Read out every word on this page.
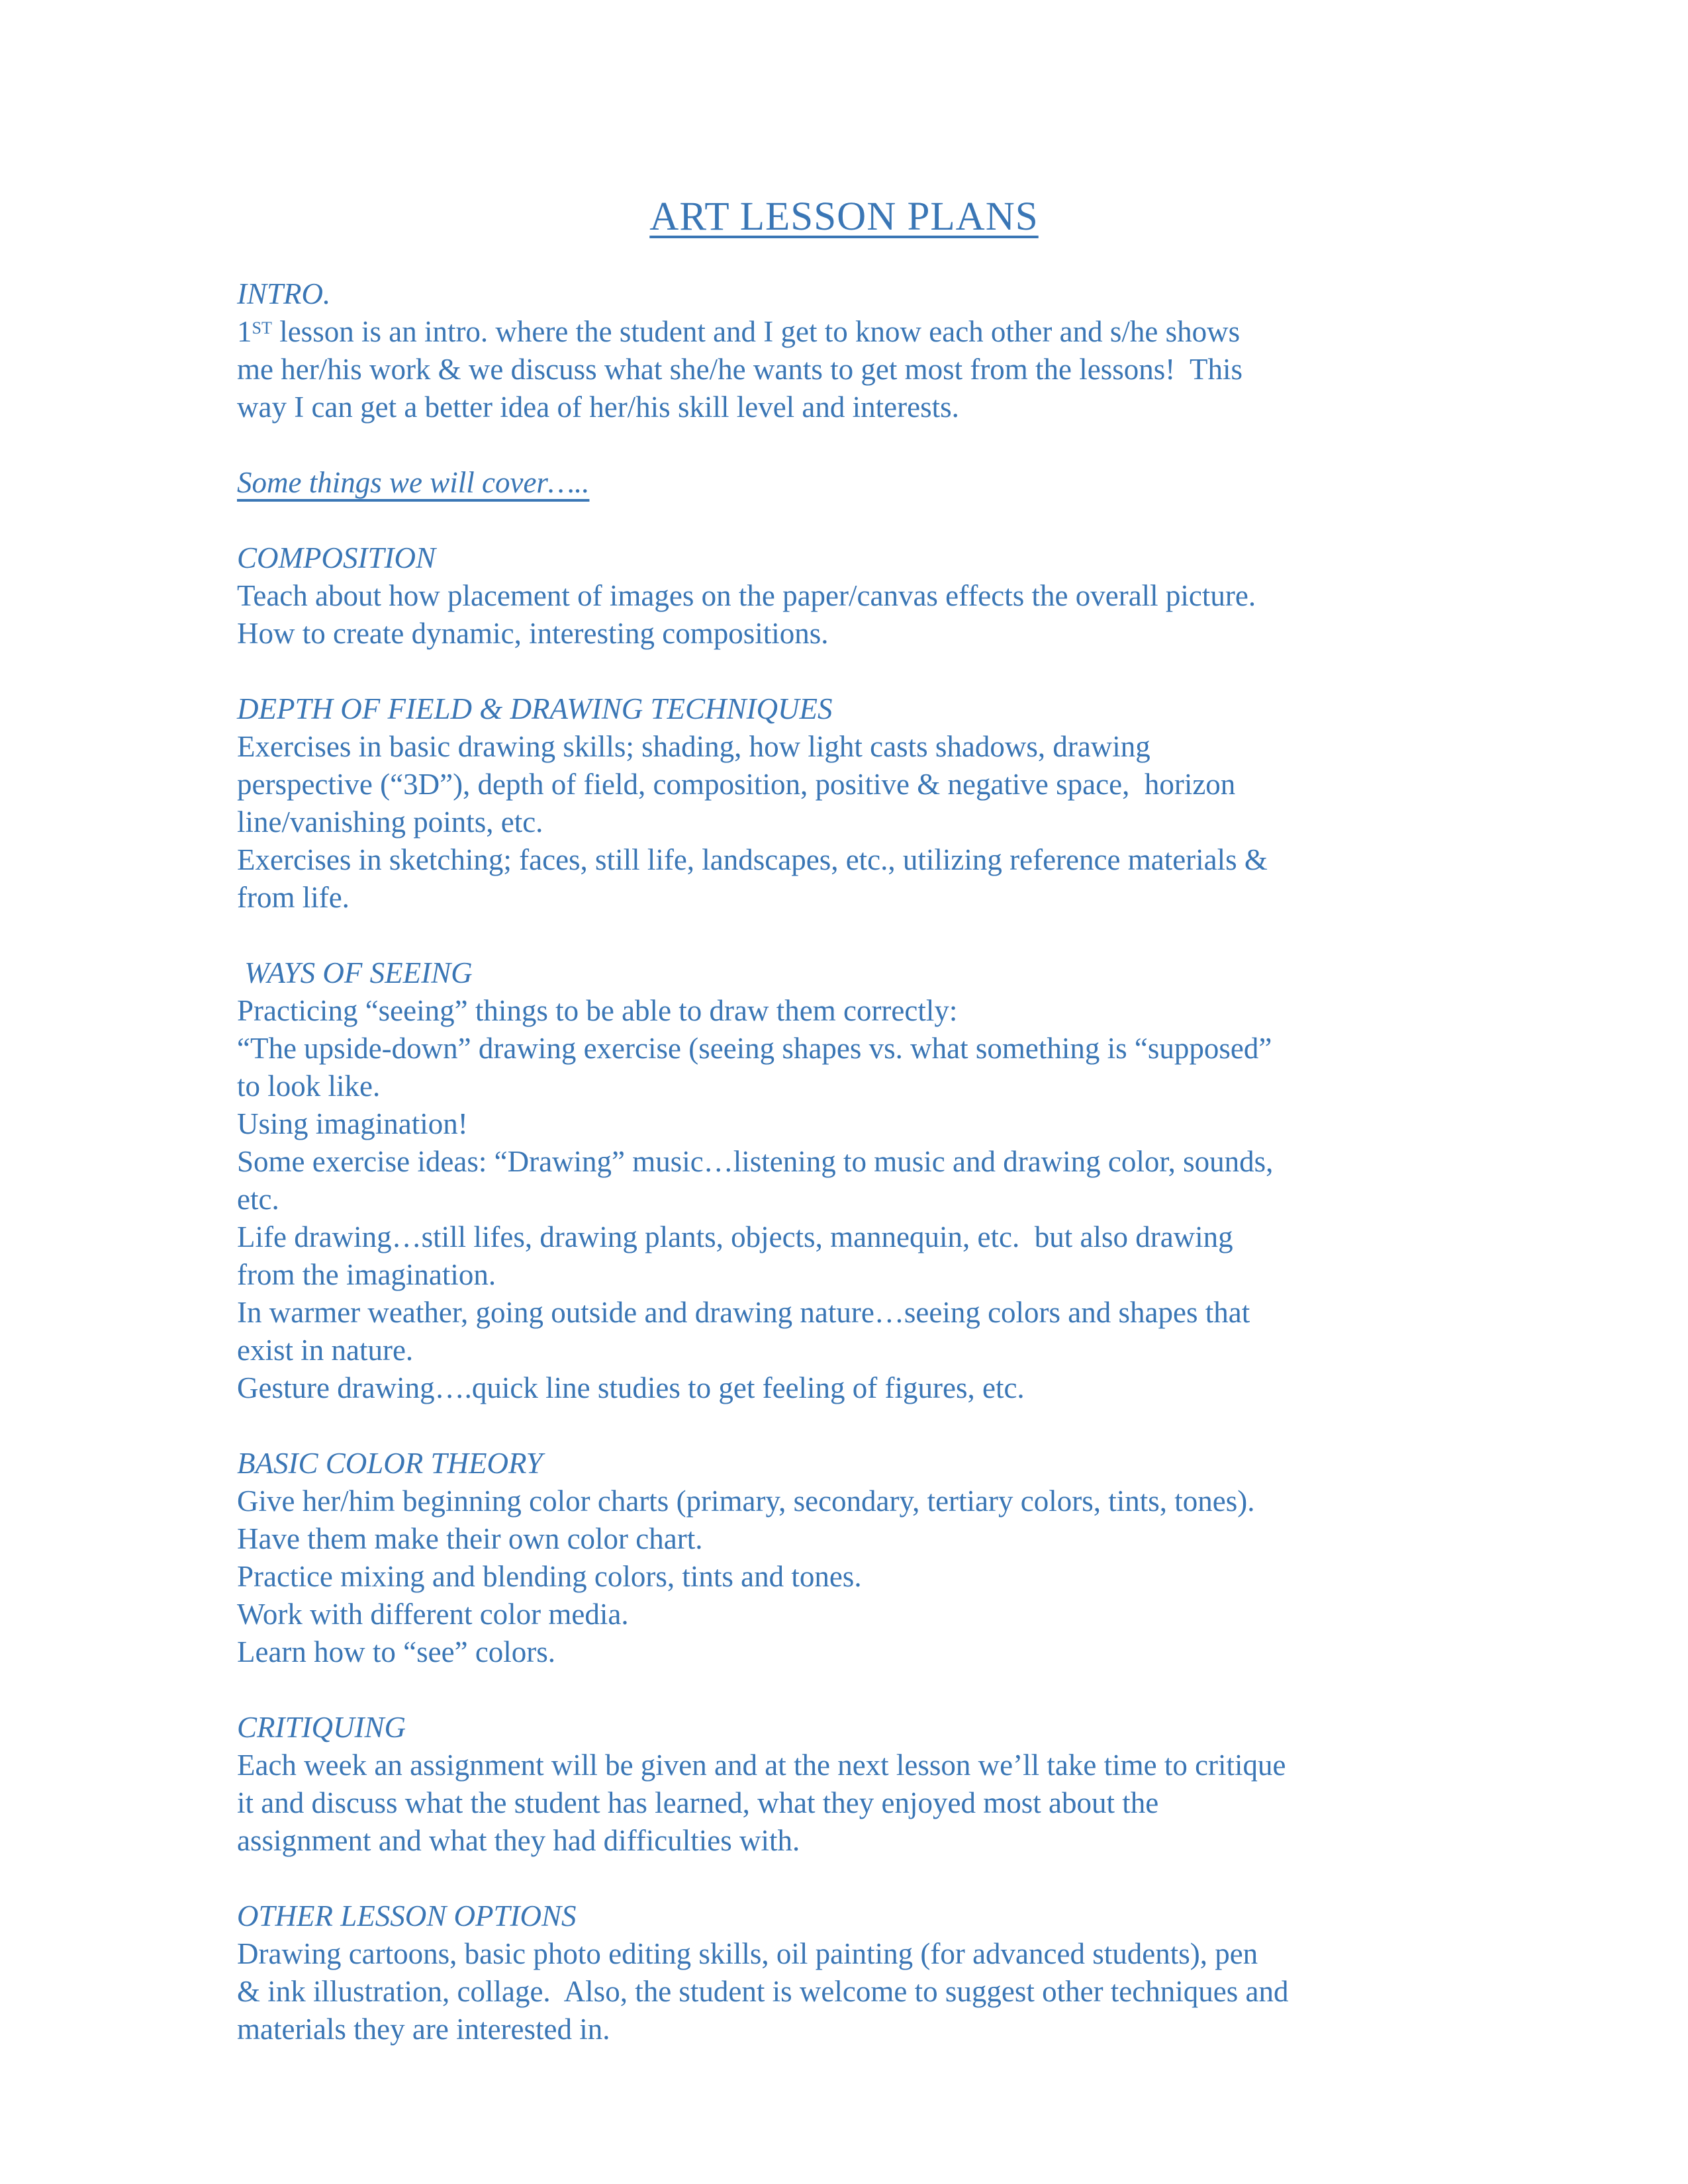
ART LESSON PLANS
INTRO.
1ST lesson is an intro. where the student and I get to know each other and s/he shows
me her/his work & we discuss what she/he wants to get most from the lessons!  This
way I can get a better idea of her/his skill level and interests.
Some things we will cover…..
COMPOSITION
Teach about how placement of images on the paper/canvas effects the overall picture.
How to create dynamic, interesting compositions.
DEPTH OF FIELD & DRAWING TECHNIQUES
Exercises in basic drawing skills; shading, how light casts shadows, drawing
perspective (“3D”), depth of field, composition, positive & negative space,  horizon
line/vanishing points, etc.
Exercises in sketching; faces, still life, landscapes, etc., utilizing reference materials &
from life.
WAYS OF SEEING
Practicing “seeing” things to be able to draw them correctly:
“The upside-down” drawing exercise (seeing shapes vs. what something is “supposed”
to look like.
Using imagination!
Some exercise ideas: “Drawing” music…listening to music and drawing color, sounds,
etc.
Life drawing…still lifes, drawing plants, objects, mannequin, etc.  but also drawing
from the imagination.
In warmer weather, going outside and drawing nature…seeing colors and shapes that
exist in nature.
Gesture drawing….quick line studies to get feeling of figures, etc.
BASIC COLOR THEORY
Give her/him beginning color charts (primary, secondary, tertiary colors, tints, tones).
Have them make their own color chart.
Practice mixing and blending colors, tints and tones.
Work with different color media.
Learn how to “see” colors.
CRITIQUING
Each week an assignment will be given and at the next lesson we’ll take time to critique
it and discuss what the student has learned, what they enjoyed most about the
assignment and what they had difficulties with.
OTHER LESSON OPTIONS
Drawing cartoons, basic photo editing skills, oil painting (for advanced students), pen
& ink illustration, collage.  Also, the student is welcome to suggest other techniques and
materials they are interested in.
